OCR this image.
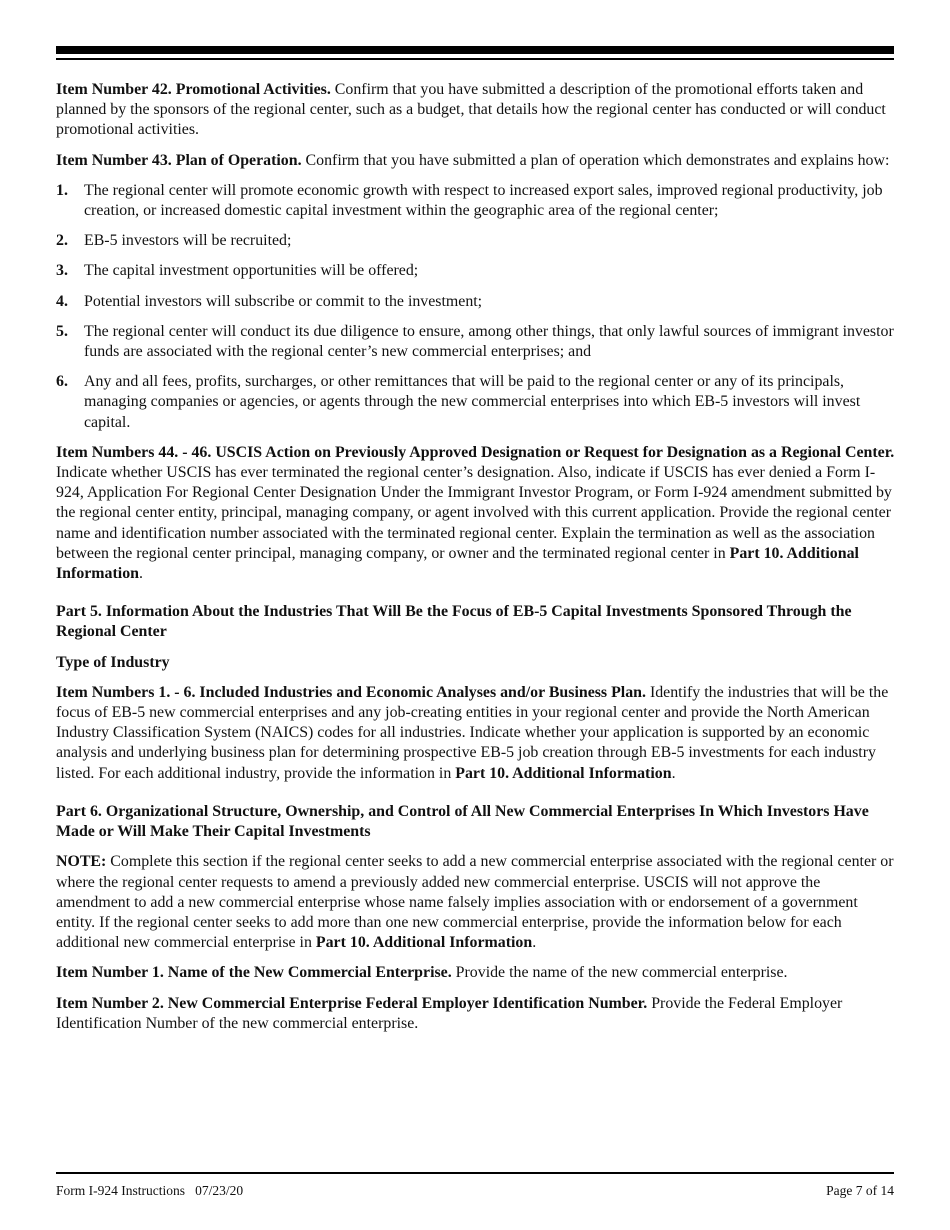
Item Number 42. Promotional Activities. Confirm that you have submitted a description of the promotional efforts taken and planned by the sponsors of the regional center, such as a budget, that details how the regional center has conducted or will conduct promotional activities.

Item Number 43. Plan of Operation. Confirm that you have submitted a plan of operation which demonstrates and explains how:

1. The regional center will promote economic growth with respect to increased export sales, improved regional productivity, job creation, or increased domestic capital investment within the geographic area of the regional center;
2. EB-5 investors will be recruited;
3. The capital investment opportunities will be offered;
4. Potential investors will subscribe or commit to the investment;
5. The regional center will conduct its due diligence to ensure, among other things, that only lawful sources of immigrant investor funds are associated with the regional center’s new commercial enterprises; and
6. Any and all fees, profits, surcharges, or other remittances that will be paid to the regional center or any of its principals, managing companies or agencies, or agents through the new commercial enterprises into which EB-5 investors will invest capital.

Item Numbers 44. - 46. USCIS Action on Previously Approved Designation or Request for Designation as a Regional Center. Indicate whether USCIS has ever terminated the regional center’s designation. Also, indicate if USCIS has ever denied a Form I-924, Application For Regional Center Designation Under the Immigrant Investor Program, or Form I-924 amendment submitted by the regional center entity, principal, managing company, or agent involved with this current application. Provide the regional center name and identification number associated with the terminated regional center. Explain the termination as well as the association between the regional center principal, managing company, or owner and the terminated regional center in Part 10. Additional Information.

Part 5. Information About the Industries That Will Be the Focus of EB-5 Capital Investments Sponsored Through the Regional Center

Type of Industry

Item Numbers 1. - 6. Included Industries and Economic Analyses and/or Business Plan. Identify the industries that will be the focus of EB-5 new commercial enterprises and any job-creating entities in your regional center and provide the North American Industry Classification System (NAICS) codes for all industries. Indicate whether your application is supported by an economic analysis and underlying business plan for determining prospective EB-5 job creation through EB-5 investments for each industry listed. For each additional industry, provide the information in Part 10. Additional Information.

Part 6. Organizational Structure, Ownership, and Control of All New Commercial Enterprises In Which Investors Have Made or Will Make Their Capital Investments

NOTE: Complete this section if the regional center seeks to add a new commercial enterprise associated with the regional center or where the regional center requests to amend a previously added new commercial enterprise. USCIS will not approve the amendment to add a new commercial enterprise whose name falsely implies association with or endorsement of a government entity. If the regional center seeks to add more than one new commercial enterprise, provide the information below for each additional new commercial enterprise in Part 10. Additional Information.

Item Number 1. Name of the New Commercial Enterprise. Provide the name of the new commercial enterprise.

Item Number 2. New Commercial Enterprise Federal Employer Identification Number. Provide the Federal Employer Identification Number of the new commercial enterprise.

Form I-924 Instructions   07/23/20	Page 7 of 14
